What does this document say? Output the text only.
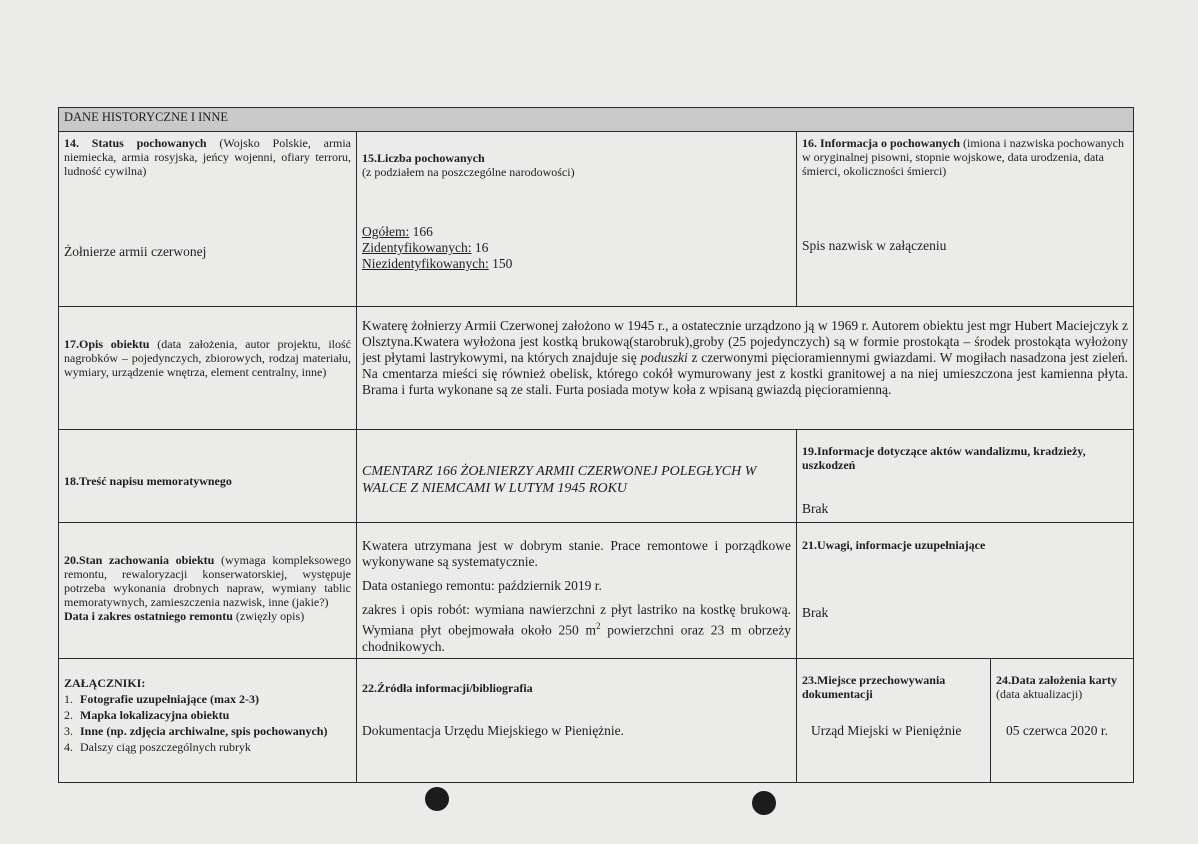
DANE HISTORYCZNE I INNE
14. Status pochowanych (Wojsko Polskie, armia niemiecka, armia rosyjska, jeńcy wojenni, ofiary terroru, ludność cywilna)
Żołnierze armii czerwonej
15.Liczba pochowanych
(z podziałem na poszczególne narodowości)
Ogółem: 166
Zidentyfikowanych: 16
Niezidentyfikowanych: 150
16. Informacja o pochowanych (imiona i nazwiska pochowanych w oryginalnej pisowni, stopnie wojskowe, data urodzenia, data śmierci, okoliczności śmierci)
Spis nazwisk w załączeniu
17.Opis obiektu (data założenia, autor projektu, ilość nagrobków – pojedynczych, zbiorowych, rodzaj materiału, wymiary, urządzenie wnętrza, element centralny, inne)
Kwaterę żołnierzy Armii Czerwonej założono w 1945 r., a ostatecznie urządzono ją w 1969 r. Autorem obiektu jest mgr Hubert Maciejczyk z Olsztyna.Kwatera wyłożona jest kostką brukową(starobruk),groby (25 pojedynczych) są w formie prostokąta – środek prostokąta wyłożony jest płytami lastrykowymi, na których znajduje się poduszki z czerwonymi pięcioramiennymi gwiazdami. W mogiłach nasadzona jest zieleń. Na cmentarza mieści się również obelisk, którego cokół wymurowany jest z kostki granitowej a na niej umieszczona jest kamienna płyta. Brama i furta wykonane są ze stali. Furta posiada motyw koła z wpisaną gwiazdą pięcioramienną.
18.Treść napisu memoratywnego
CMENTARZ 166 ŻOŁNIERZY ARMII CZERWONEJ POLEGŁYCH W WALCE Z NIEMCAMI W LUTYM 1945 ROKU
19.Informacje dotyczące aktów wandalizmu, kradzieży, uszkodzeń
Brak
20.Stan zachowania obiektu (wymaga kompleksowego remontu, rewaloryzacji konserwatorskiej, występuje potrzeba wykonania drobnych napraw, wymiany tablic memoratywnych, zamieszczenia nazwisk, inne (jakie?)
Data i zakres ostatniego remontu (zwięzły opis)
Kwatera utrzymana jest w dobrym stanie. Prace remontowe i porządkowe wykonywane są systematycznie.
Data ostaniego remontu: październik 2019 r.
zakres i opis robót: wymiana nawierzchni z płyt lastriko na kostkę brukową. Wymiana płyt obejmowała około 250 $m^2$ powierzchni oraz 23 m obrzeży chodnikowych.
21.Uwagi, informacje uzupełniające
Brak
ZAŁĄCZNIKI:
1. Fotografie uzupełniające (max 2-3)
2. Mapka lokalizacyjna obiektu
3. Inne (np. zdjęcia archiwalne, spis pochowanych)
4. Dalszy ciąg poszczególnych rubryk
22.Źródła informacji/bibliografia
Dokumentacja Urzędu Miejskiego w Pieniężnie.
23.Miejsce przechowywania dokumentacji
Urząd Miejski w Pieniężnie
24.Data założenia karty (data aktualizacji)
05 czerwca 2020 r.
